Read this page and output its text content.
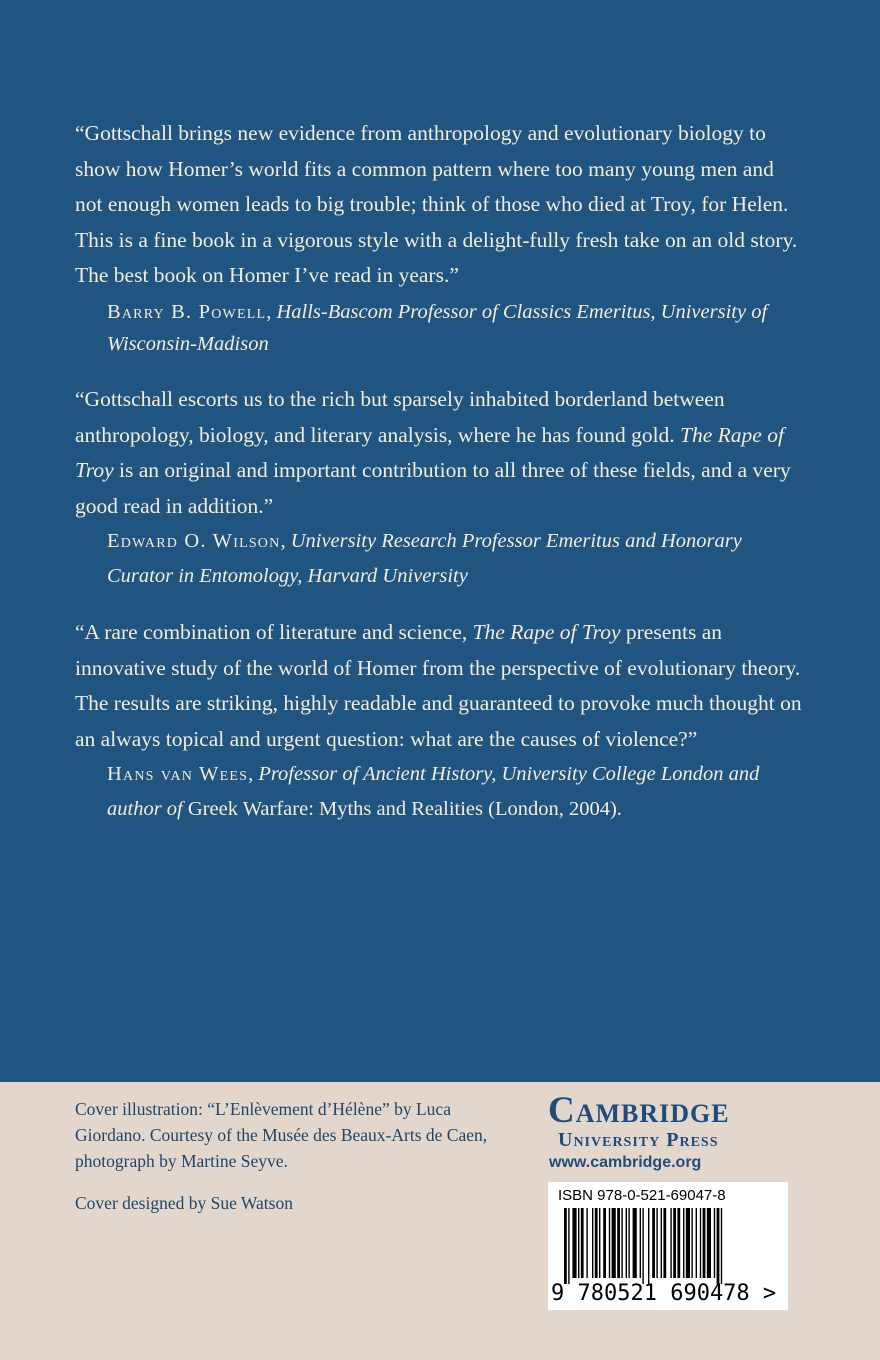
“Gottschall brings new evidence from anthropology and evolutionary biology to show how Homer’s world fits a common pattern where too many young men and not enough women leads to big trouble; think of those who died at Troy, for Helen. This is a fine book in a vigorous style with a delight-fully fresh take on an old story. The best book on Homer I’ve read in years.”

Barry B. Powell, Halls-Bascom Professor of Classics Emeritus, University of Wisconsin-Madison

“Gottschall escorts us to the rich but sparsely inhabited borderland between anthropology, biology, and literary analysis, where he has found gold. The Rape of Troy is an original and important contribution to all three of these fields, and a very good read in addition.”

Edward O. Wilson, University Research Professor Emeritus and Honorary Curator in Entomology, Harvard University

“A rare combination of literature and science, The Rape of Troy presents an innovative study of the world of Homer from the perspective of evolutionary theory. The results are striking, highly readable and guaranteed to provoke much thought on an always topical and urgent question: what are the causes of violence?”

Hans van Wees, Professor of Ancient History, University College London and author of Greek Warfare: Myths and Realities (London, 2004).

Cover illustration: “L’Enlèvement d’Hélène” by Luca Giordano. Courtesy of the Musée des Beaux-Arts de Caen, photograph by Martine Seyve.

Cover designed by Sue Watson

Cambridge
University Press
www.cambridge.org
ISBN 978-0-521-69047-8
9 780521 690478 >
